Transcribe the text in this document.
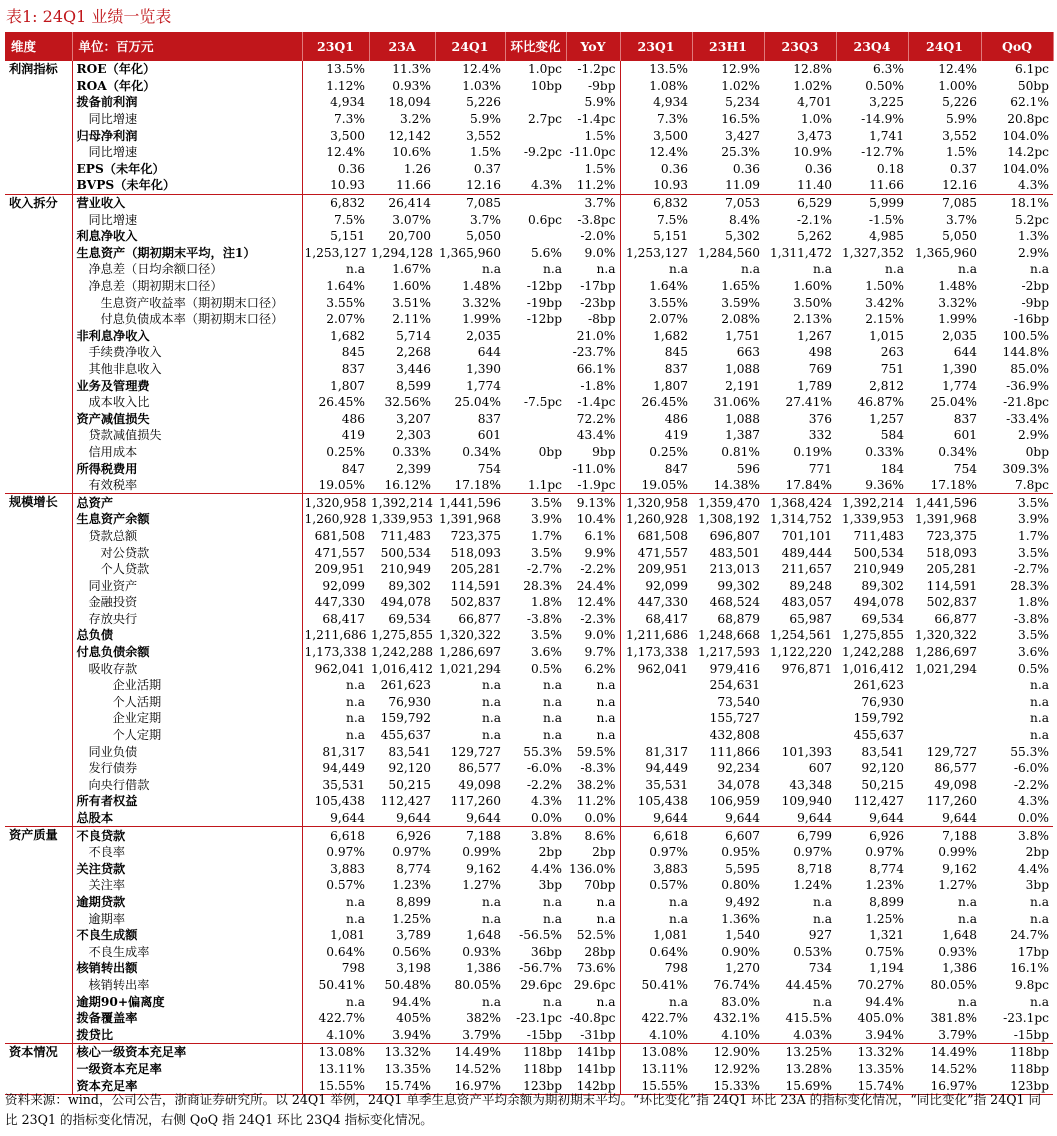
表1: 24Q1 业绩一览表
维度	单位：百万元	23Q1	23A	24Q1	环比变化	YoY	23Q1	23H1	23Q3	23Q4	24Q1	QoQ
利润指标	ROE（年化）	13.5%	11.3%	12.4%	1.0pc	-1.2pc	13.5%	12.9%	12.8%	6.3%	12.4%	6.1pc
	ROA（年化）	1.12%	0.93%	1.03%	10bp	-9bp	1.08%	1.02%	1.02%	0.50%	1.00%	50bp
	拨备前利润	4,934	18,094	5,226		5.9%	4,934	5,234	4,701	3,225	5,226	62.1%
	同比增速	7.3%	3.2%	5.9%	2.7pc	-1.4pc	7.3%	16.5%	1.0%	-14.9%	5.9%	20.8pc
	归母净利润	3,500	12,142	3,552		1.5%	3,500	3,427	3,473	1,741	3,552	104.0%
	同比增速	12.4%	10.6%	1.5%	-9.2pc	-11.0pc	12.4%	25.3%	10.9%	-12.7%	1.5%	14.2pc
	EPS（未年化）	0.36	1.26	0.37		1.5%	0.36	0.36	0.36	0.18	0.37	104.0%
	BVPS（未年化）	10.93	11.66	12.16	4.3%	11.2%	10.93	11.09	11.40	11.66	12.16	4.3%
收入拆分	营业收入	6,832	26,414	7,085		3.7%	6,832	7,053	6,529	5,999	7,085	18.1%
	同比增速	7.5%	3.07%	3.7%	0.6pc	-3.8pc	7.5%	8.4%	-2.1%	-1.5%	3.7%	5.2pc
	利息净收入	5,151	20,700	5,050		-2.0%	5,151	5,302	5,262	4,985	5,050	1.3%
	生息资产（期初期末平均，注1）	1,253,127	1,294,128	1,365,960	5.6%	9.0%	1,253,127	1,284,560	1,311,472	1,327,352	1,365,960	2.9%
	净息差（日均余额口径）	n.a	1.67%	n.a	n.a	n.a	n.a	n.a	n.a	n.a	n.a	n.a
	净息差（期初期末口径）	1.64%	1.60%	1.48%	-12bp	-17bp	1.64%	1.65%	1.60%	1.50%	1.48%	-2bp
	生息资产收益率（期初期末口径）	3.55%	3.51%	3.32%	-19bp	-23bp	3.55%	3.59%	3.50%	3.42%	3.32%	-9bp
	付息负债成本率（期初期末口径）	2.07%	2.11%	1.99%	-12bp	-8bp	2.07%	2.08%	2.13%	2.15%	1.99%	-16bp
	非利息净收入	1,682	5,714	2,035		21.0%	1,682	1,751	1,267	1,015	2,035	100.5%
	手续费净收入	845	2,268	644		-23.7%	845	663	498	263	644	144.8%
	其他非息收入	837	3,446	1,390		66.1%	837	1,088	769	751	1,390	85.0%
	业务及管理费	1,807	8,599	1,774		-1.8%	1,807	2,191	1,789	2,812	1,774	-36.9%
	成本收入比	26.45%	32.56%	25.04%	-7.5pc	-1.4pc	26.45%	31.06%	27.41%	46.87%	25.04%	-21.8pc
	资产减值损失	486	3,207	837		72.2%	486	1,088	376	1,257	837	-33.4%
	贷款减值损失	419	2,303	601		43.4%	419	1,387	332	584	601	2.9%
	信用成本	0.25%	0.33%	0.34%	0bp	9bp	0.25%	0.81%	0.19%	0.33%	0.34%	0bp
	所得税费用	847	2,399	754		-11.0%	847	596	771	184	754	309.3%
	有效税率	19.05%	16.12%	17.18%	1.1pc	-1.9pc	19.05%	14.38%	17.84%	9.36%	17.18%	7.8pc
规模增长	总资产	1,320,958	1,392,214	1,441,596	3.5%	9.13%	1,320,958	1,359,470	1,368,424	1,392,214	1,441,596	3.5%
	生息资产余额	1,260,928	1,339,953	1,391,968	3.9%	10.4%	1,260,928	1,308,192	1,314,752	1,339,953	1,391,968	3.9%
	贷款总额	681,508	711,483	723,375	1.7%	6.1%	681,508	696,807	701,101	711,483	723,375	1.7%
	对公贷款	471,557	500,534	518,093	3.5%	9.9%	471,557	483,501	489,444	500,534	518,093	3.5%
	个人贷款	209,951	210,949	205,281	-2.7%	-2.2%	209,951	213,013	211,657	210,949	205,281	-2.7%
	同业资产	92,099	89,302	114,591	28.3%	24.4%	92,099	99,302	89,248	89,302	114,591	28.3%
	金融投资	447,330	494,078	502,837	1.8%	12.4%	447,330	468,524	483,057	494,078	502,837	1.8%
	存放央行	68,417	69,534	66,877	-3.8%	-2.3%	68,417	68,879	65,987	69,534	66,877	-3.8%
	总负债	1,211,686	1,275,855	1,320,322	3.5%	9.0%	1,211,686	1,248,668	1,254,561	1,275,855	1,320,322	3.5%
	付息负债余额	1,173,338	1,242,288	1,286,697	3.6%	9.7%	1,173,338	1,217,593	1,122,220	1,242,288	1,286,697	3.6%
	吸收存款	962,041	1,016,412	1,021,294	0.5%	6.2%	962,041	979,416	976,871	1,016,412	1,021,294	0.5%
	企业活期	n.a	261,623	n.a	n.a	n.a		254,631		261,623		n.a
	个人活期	n.a	76,930	n.a	n.a	n.a		73,540		76,930		n.a
	企业定期	n.a	159,792	n.a	n.a	n.a		155,727		159,792		n.a
	个人定期	n.a	455,637	n.a	n.a	n.a		432,808		455,637		n.a
	同业负债	81,317	83,541	129,727	55.3%	59.5%	81,317	111,866	101,393	83,541	129,727	55.3%
	发行债券	94,449	92,120	86,577	-6.0%	-8.3%	94,449	92,234	607	92,120	86,577	-6.0%
	向央行借款	35,531	50,215	49,098	-2.2%	38.2%	35,531	34,078	43,348	50,215	49,098	-2.2%
	所有者权益	105,438	112,427	117,260	4.3%	11.2%	105,438	106,959	109,940	112,427	117,260	4.3%
	总股本	9,644	9,644	9,644	0.0%	0.0%	9,644	9,644	9,644	9,644	9,644	0.0%
资产质量	不良贷款	6,618	6,926	7,188	3.8%	8.6%	6,618	6,607	6,799	6,926	7,188	3.8%
	不良率	0.97%	0.97%	0.99%	2bp	2bp	0.97%	0.95%	0.97%	0.97%	0.99%	2bp
	关注贷款	3,883	8,774	9,162	4.4%	136.0%	3,883	5,595	8,718	8,774	9,162	4.4%
	关注率	0.57%	1.23%	1.27%	3bp	70bp	0.57%	0.80%	1.24%	1.23%	1.27%	3bp
	逾期贷款	n.a	8,899	n.a	n.a	n.a	n.a	9,492	n.a	8,899	n.a	n.a
	逾期率	n.a	1.25%	n.a	n.a	n.a	n.a	1.36%	n.a	1.25%	n.a	n.a
	不良生成额	1,081	3,789	1,648	-56.5%	52.5%	1,081	1,540	927	1,321	1,648	24.7%
	不良生成率	0.64%	0.56%	0.93%	36bp	28bp	0.64%	0.90%	0.53%	0.75%	0.93%	17bp
	核销转出额	798	3,198	1,386	-56.7%	73.6%	798	1,270	734	1,194	1,386	16.1%
	核销转出率	50.41%	50.48%	80.05%	29.6pc	29.6pc	50.41%	76.74%	44.45%	70.27%	80.05%	9.8pc
	逾期90+偏离度	n.a	94.4%	n.a	n.a	n.a	n.a	83.0%	n.a	94.4%	n.a	n.a
	拨备覆盖率	422.7%	405%	382%	-23.1pc	-40.8pc	422.7%	432.1%	415.5%	405.0%	381.8%	-23.1pc
	拨贷比	4.10%	3.94%	3.79%	-15bp	-31bp	4.10%	4.10%	4.03%	3.94%	3.79%	-15bp
资本情况	核心一级资本充足率	13.08%	13.32%	14.49%	118bp	141bp	13.08%	12.90%	13.25%	13.32%	14.49%	118bp
	一级资本充足率	13.11%	13.35%	14.52%	118bp	141bp	13.11%	12.92%	13.28%	13.35%	14.52%	118bp
	资本充足率	15.55%	15.74%	16.97%	123bp	142bp	15.55%	15.33%	15.69%	15.74%	16.97%	123bp
资料来源：wind，公司公告，浙商证券研究所。以 24Q1 举例，24Q1 单季生息资产平均余额为期初期末平均。“环比变化”指 24Q1 环比 23A 的指标变化情况，“同比变化”指 24Q1 同比 23Q1 的指标变化情况，右侧 QoQ 指 24Q1 环比 23Q4 指标变化情况。
